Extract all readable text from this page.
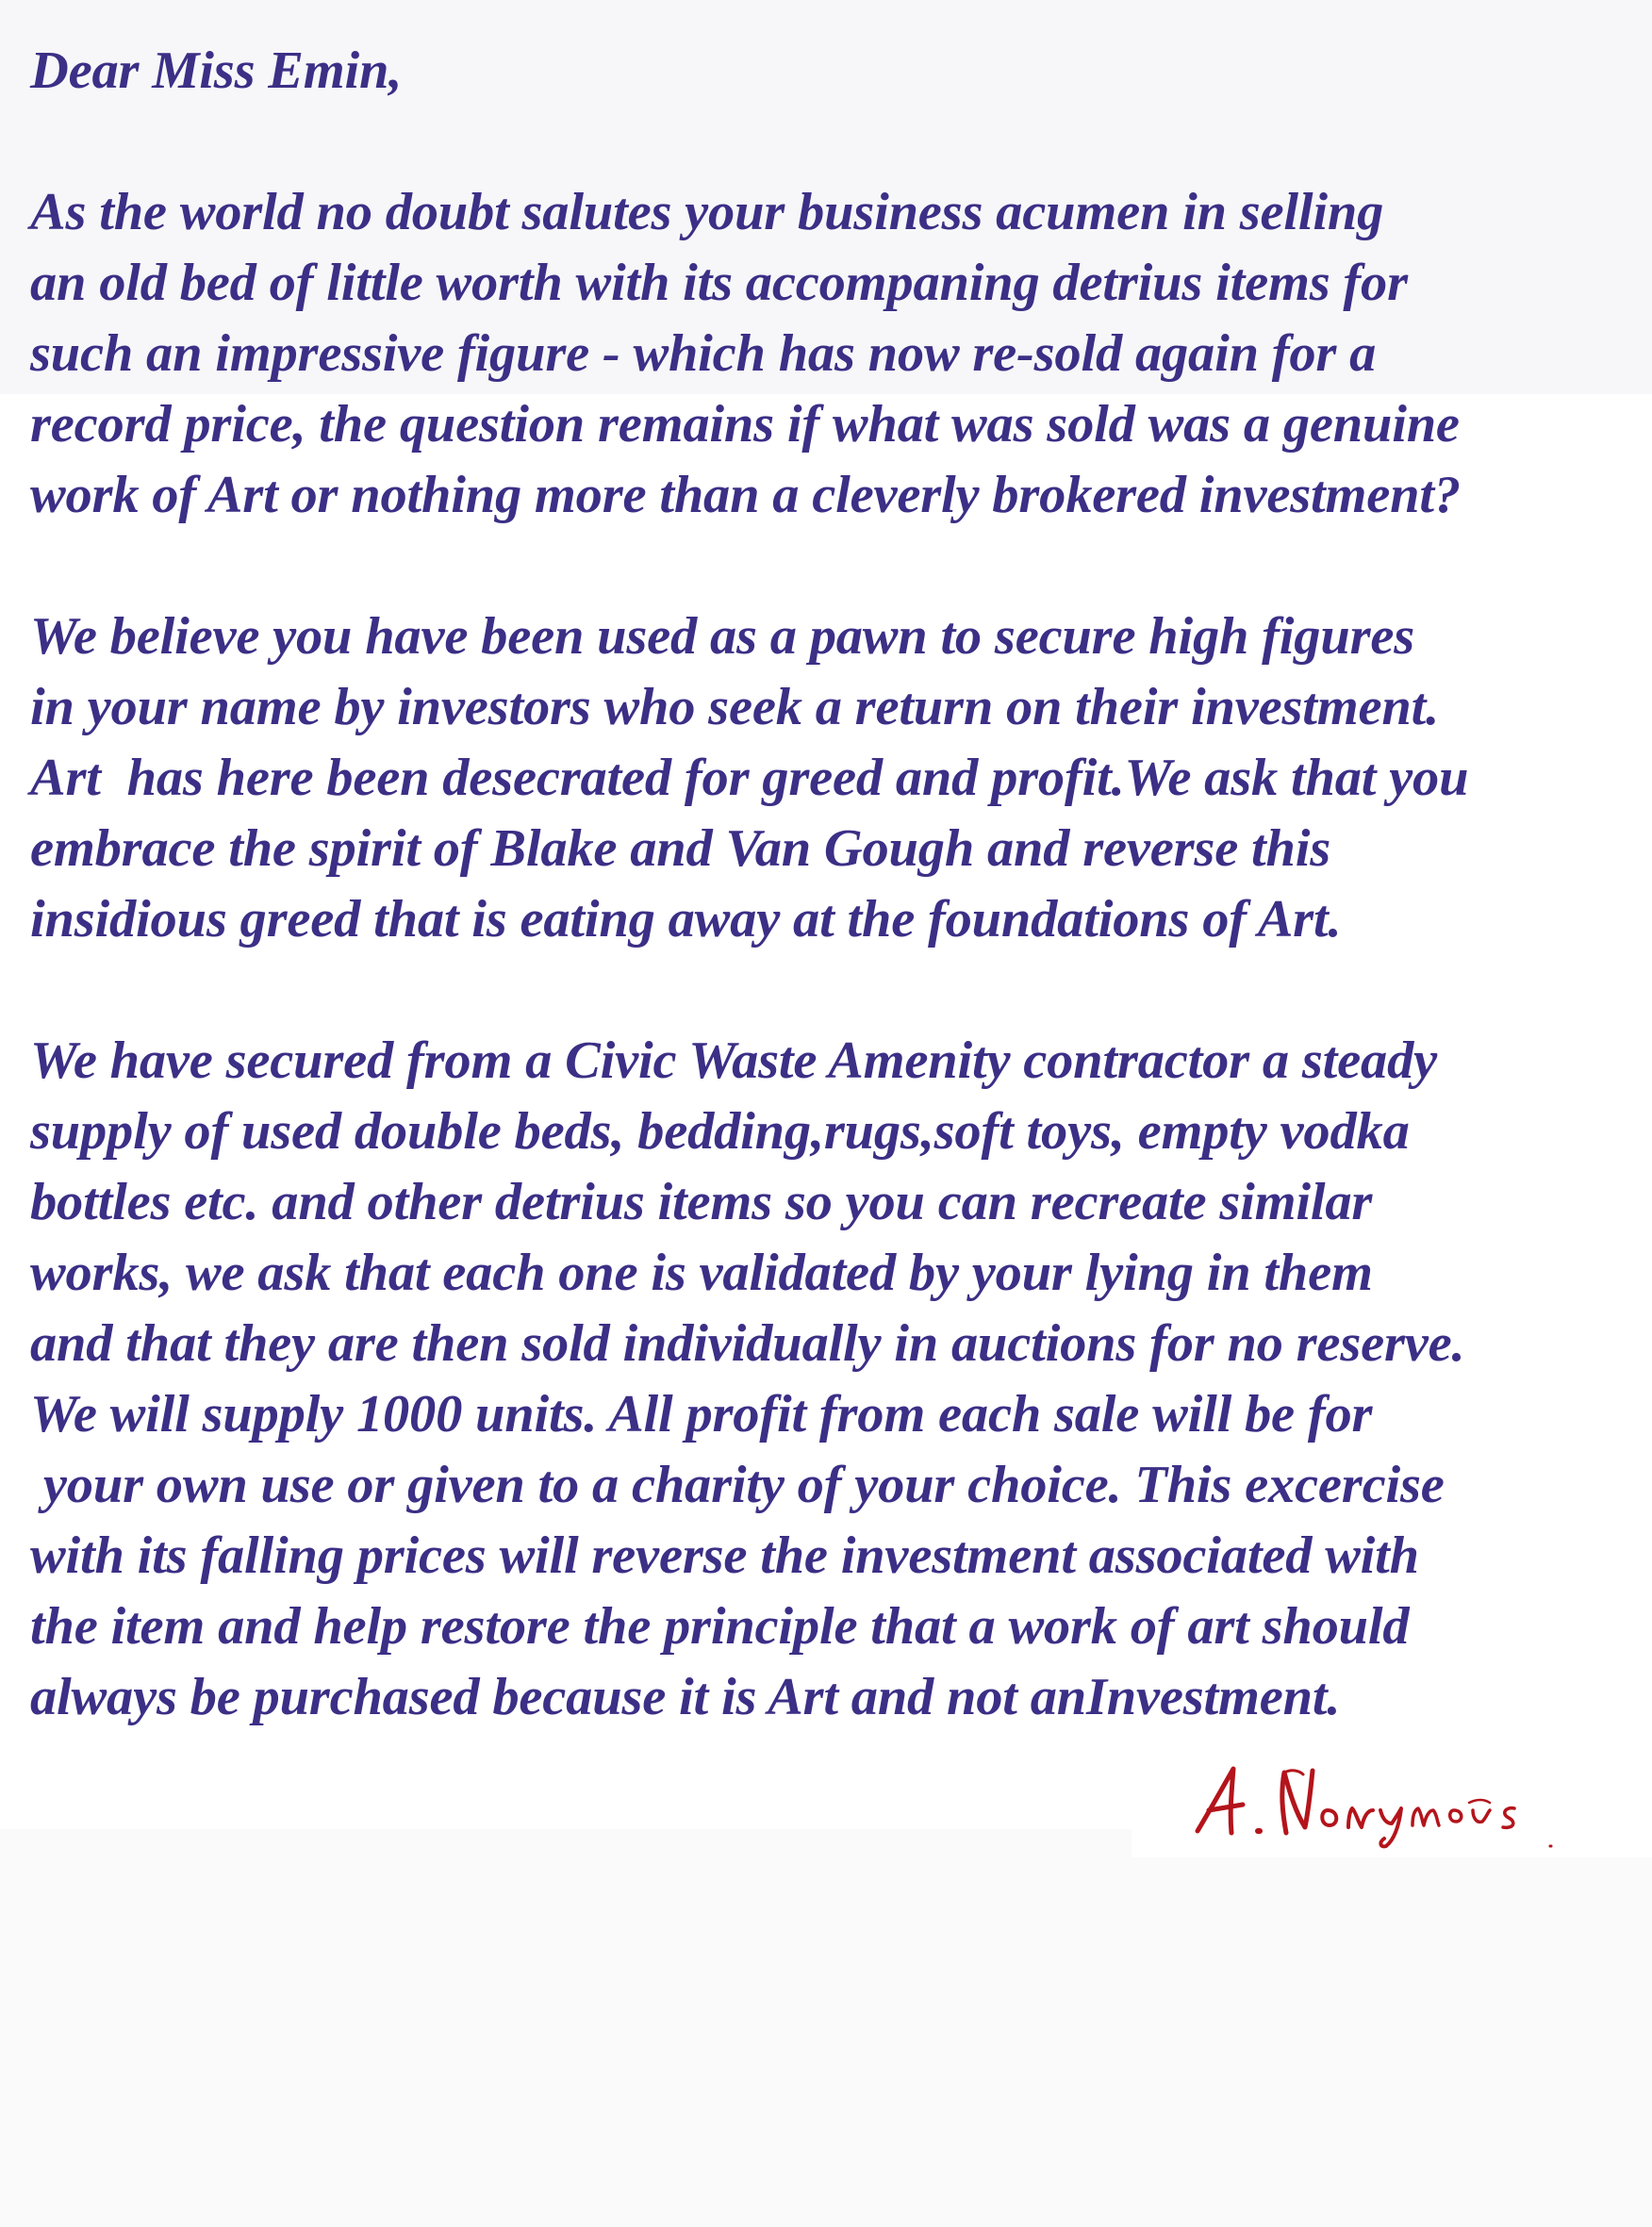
Dear Miss Emin,
As the world no doubt salutes your business acumen in selling
an old bed of little worth with its accompaning detrius items for
such an impressive figure - which has now re-sold again for a
record price, the question remains if what was sold was a genuine
work of Art or nothing more than a cleverly brokered investment?
We believe you have been used as a pawn to secure high figures
in your name by investors who seek a return on their investment.
Art  has here been desecrated for greed and profit.We ask that you
embrace the spirit of Blake and Van Gough and reverse this
insidious greed that is eating away at the foundations of Art.
We have secured from a Civic Waste Amenity contractor a steady
supply of used double beds, bedding,rugs,soft toys, empty vodka
bottles etc. and other detrius items so you can recreate similar
works, we ask that each one is validated by your lying in them
and that they are then sold individually in auctions for no reserve.
We will supply 1000 units. All profit from each sale will be for
your own use or given to a charity of your choice. This excercise
with its falling prices will reverse the investment associated with
the item and help restore the principle that a work of art should
always be purchased because it is Art and not anInvestment.
